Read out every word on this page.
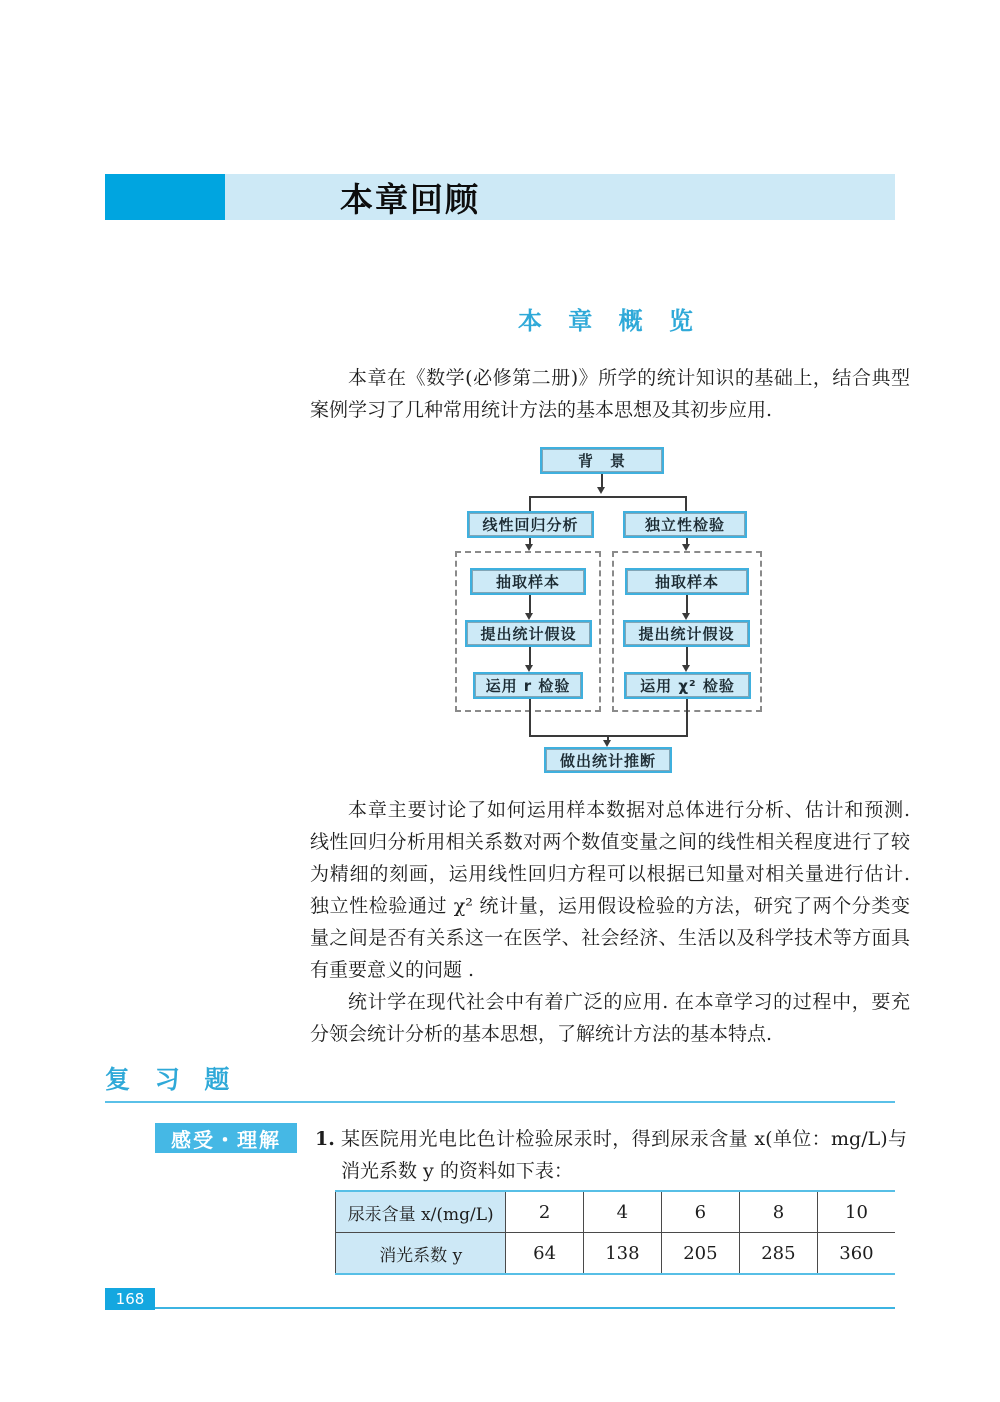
本章回顾
本 章 概 览

本章在《数学(必修第二册)》所学的统计知识的基础上，结合典型案例学习了几种常用统计方法的基本思想及其初步应用.

背　景
线性回归分析	独立性检验
抽取样本	抽取样本
提出统计假设	提出统计假设
运用 r 检验	运用 χ² 检验
做出统计推断

本章主要讨论了如何运用样本数据对总体进行分析、估计和预测. 线性回归分析用相关系数对两个数值变量之间的线性相关程度进行了较为精细的刻画，运用线性回归方程可以根据已知量对相关量进行估计. 独立性检验通过 χ² 统计量，运用假设检验的方法，研究了两个分类变量之间是否有关系这一在医学、社会经济、生活以及科学技术等方面具有重要意义的问题 .

统计学在现代社会中有着广泛的应用. 在本章学习的过程中，要充分领会统计分析的基本思想，了解统计方法的基本特点.

复 习 题
感受・理解	1. 某医院用光电比色计检验尿汞时，得到尿汞含量 x(单位：mg/L)与消光系数 y 的资料如下表：
尿汞含量 x/(mg/L)	2	4	6	8	10
消光系数 y	64	138	205	285	360
168
